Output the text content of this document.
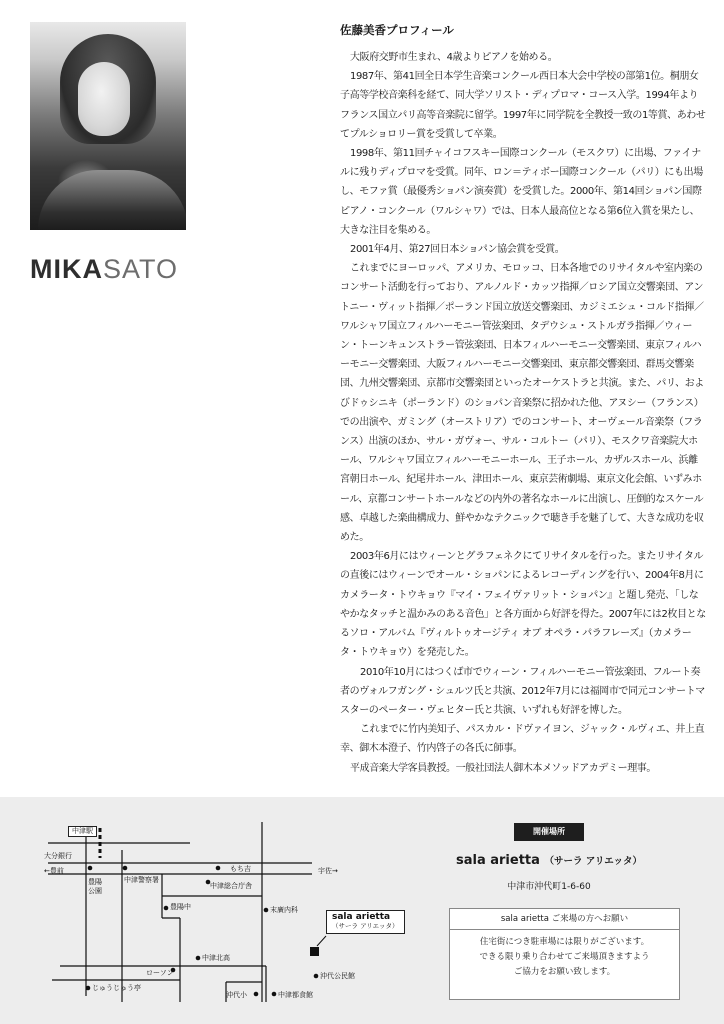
MIKASATO
佐藤美香プロフィール

大阪府交野市生まれ、4歳よりピアノを始める。

1987年、第41回全日本学生音楽コンクール西日本大会中学校の部第1位。桐朋女子高等学校音楽科を経て、同大学ソリスト・ディプロマ・コース入学。1994年よりフランス国立パリ高等音楽院に留学。1997年に同学院を全教授一致の1等賞、あわせてプルショロリー賞を受賞して卒業。

1998年、第11回チャイコフスキー国際コンクール（モスクワ）に出場、ファイナルに残りディプロマを受賞。同年、ロン＝ティボー国際コンクール（パリ）にも出場し、モファ賞（最優秀ショパン演奏賞）を受賞した。2000年、第14回ショパン国際ピアノ・コンクール（ワルシャワ）では、日本人最高位となる第6位入賞を果たし、大きな注目を集める。

2001年4月、第27回日本ショパン協会賞を受賞。

これまでにヨーロッパ、アメリカ、モロッコ、日本各地でのリサイタルや室内楽のコンサート活動を行っており、アルノルド・カッツ指揮／ロシア国立交響楽団、アントニー・ヴィット指揮／ポーランド国立放送交響楽団、カジミエシュ・コルド指揮／ワルシャワ国立フィルハーモニー管弦楽団、タデウシュ・ストルガラ指揮／ウィーン・トーンキュンストラー管弦楽団、日本フィルハーモニー交響楽団、東京フィルハーモニー交響楽団、大阪フィルハーモニー交響楽団、東京都交響楽団、群馬交響楽団、九州交響楽団、京都市交響楽団といったオーケストラと共演。また、パリ、およびドゥシニキ（ポーランド）のショパン音楽祭に招かれた他、アヌシー（フランス）での出演や、ガミング（オーストリア）でのコンサート、オーヴェール音楽祭（フランス）出演のほか、サル・ガヴォー、サル・コルトー（パリ）、モスクワ音楽院大ホール、ワルシャワ国立フィルハーモニーホール、王子ホール、カザルスホール、浜離宮朝日ホール、紀尾井ホール、津田ホール、東京芸術劇場、東京文化会館、いずみホール、京都コンサートホールなどの内外の著名なホールに出演し、圧倒的なスケール感、卓越した楽曲構成力、鮮やかなテクニックで聴き手を魅了して、大きな成功を収めた。

2003年6月にはウィーンとグラフェネクにてリサイタルを行った。またリサイタルの直後にはウィーンでオール・ショパンによるレコーディングを行い、2004年8月にカメラータ・トウキョウ『マイ・フェイヴァリット・ショパン』と題し発売、「しなやかなタッチと温かみのある音色」と各方面から好評を得た。2007年には2枚目となるソロ・アルバム『ヴィルトゥオージティ オブ オペラ・パラフレーズ』（カメラータ・トウキョウ）を発売した。

2010年10月にはつくば市でウィーン・フィルハーモニー管弦楽団、フルート奏者のヴォルフガング・シュルツ氏と共演、2012年7月には福岡市で同元コンサートマスターのペーター・ヴェヒター氏と共演、いずれも好評を博した。

これまでに竹内美知子、パスカル・ドヴァイヨン、ジャック・ルヴィエ、井上直幸、御木本澄子、竹内啓子の各氏に師事。

平成音楽大学客員教授。一般社団法人御木本メソッドアカデミー理事。

中津駅
大分銀行
←豊前
豊陽
公園
中津警察署
もち吉
中津総合庁舎
宇佐→
豊陽中	末廣内科
sala arietta
（サーラ アリエッタ）
中津北高
ローソン	沖代公民館
じゅうじゅう亭
沖代小	中津都食館
開催場所
sala arietta （サーラ アリエッタ）
中津市沖代町1-6-60
sala arietta ご来場の方へお願い
住宅街につき駐車場には限りがございます。
できる限り乗り合わせてご来場頂きますよう
ご協力をお願い致します。
